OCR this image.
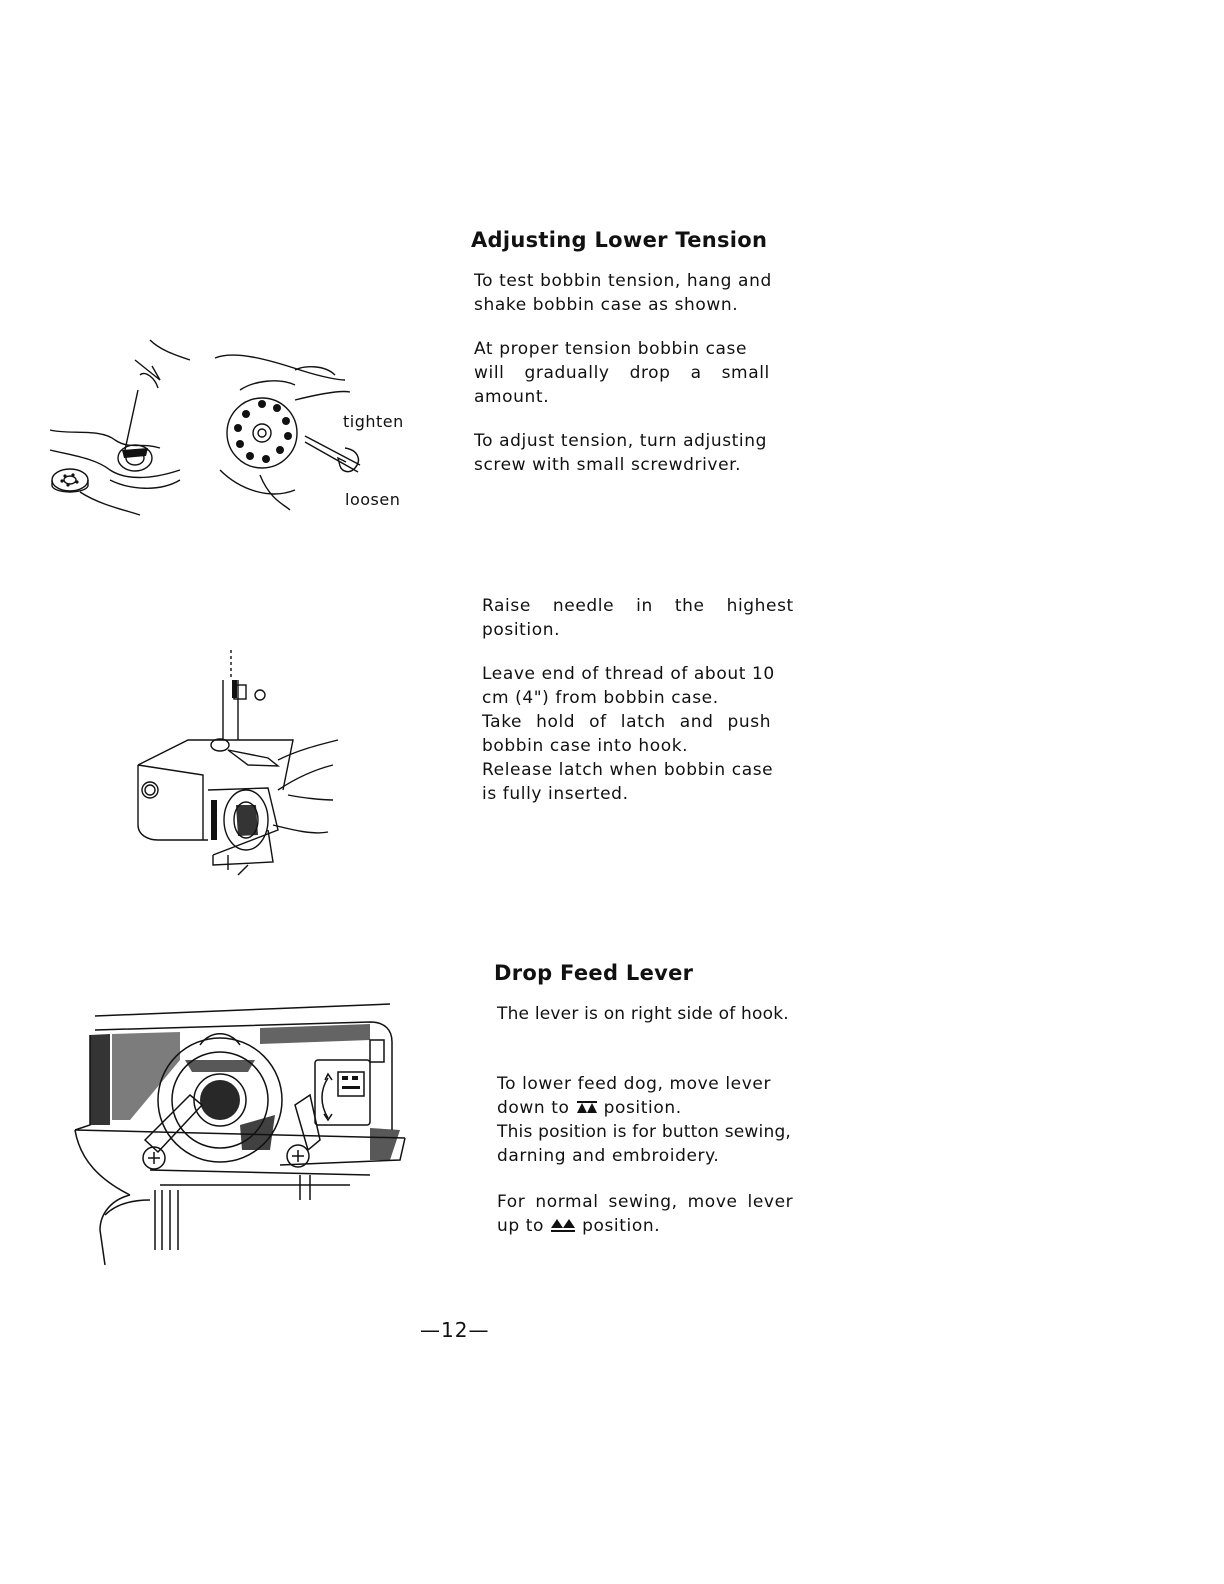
Adjusting Lower Tension

To test bobbin tension, hang and
shake bobbin case as shown.

At proper tension bobbin case
will gradually drop a small
amount.

To adjust tension, turn adjusting
screw with small screwdriver.

tighten
loosen

Raise needle in the highest
position.

Leave end of thread of about 10
cm (4") from bobbin case.
Take hold of latch and push
bobbin case into hook.
Release latch when bobbin case
is fully inserted.

Drop Feed Lever

The lever is on right side of hook.

To lower feed dog, move lever
down to position.
This position is for button sewing,
darning and embroidery.

For normal sewing, move lever
up to position.

—12—
